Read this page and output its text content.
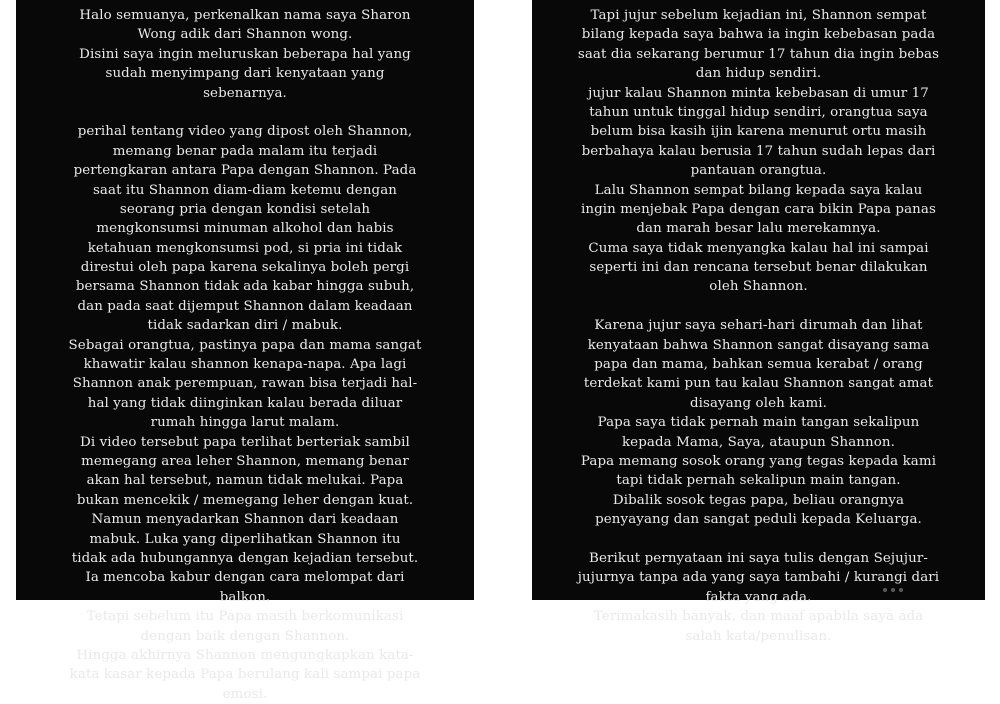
Halo semuanya, perkenalkan nama saya Sharon
Wong adik dari Shannon wong.
Disini saya ingin meluruskan beberapa hal yang
sudah menyimpang dari kenyataan yang
sebenarnya.
perihal tentang video yang dipost oleh Shannon,
memang benar pada malam itu terjadi
pertengkaran antara Papa dengan Shannon. Pada
saat itu Shannon diam-diam ketemu dengan
seorang pria dengan kondisi setelah
mengkonsumsi minuman alkohol dan habis
ketahuan mengkonsumsi pod, si pria ini tidak
direstui oleh papa karena sekalinya boleh pergi
bersama Shannon tidak ada kabar hingga subuh,
dan pada saat dijemput Shannon dalam keadaan
tidak sadarkan diri / mabuk.
Sebagai orangtua, pastinya papa dan mama sangat
khawatir kalau shannon kenapa-napa. Apa lagi
Shannon anak perempuan, rawan bisa terjadi hal-
hal yang tidak diinginkan kalau berada diluar
rumah hingga larut malam.
Di video tersebut papa terlihat berteriak sambil
memegang area leher Shannon, memang benar
akan hal tersebut, namun tidak melukai. Papa
bukan mencekik / memegang leher dengan kuat.
Namun menyadarkan Shannon dari keadaan
mabuk. Luka yang diperlihatkan Shannon itu
tidak ada hubungannya dengan kejadian tersebut.
Ia mencoba kabur dengan cara melompat dari
balkon.
Tetapi sebelum itu Papa masih berkomunikasi
dengan baik dengan Shannon.
Hingga akhirnya Shannon mengungkapkan kata-
kata kasar kepada Papa berulang kali sampai papa
emosi.
Tapi jujur sebelum kejadian ini, Shannon sempat
bilang kepada saya bahwa ia ingin kebebasan pada
saat dia sekarang berumur 17 tahun dia ingin bebas
dan hidup sendiri.
jujur kalau Shannon minta kebebasan di umur 17
tahun untuk tinggal hidup sendiri, orangtua saya
belum bisa kasih ijin karena menurut ortu masih
berbahaya kalau berusia 17 tahun sudah lepas dari
pantauan orangtua.
Lalu Shannon sempat bilang kepada saya kalau
ingin menjebak Papa dengan cara bikin Papa panas
dan marah besar lalu merekamnya.
Cuma saya tidak menyangka kalau hal ini sampai
seperti ini dan rencana tersebut benar dilakukan
oleh Shannon.
Karena jujur saya sehari-hari dirumah dan lihat
kenyataan bahwa Shannon sangat disayang sama
papa dan mama, bahkan semua kerabat / orang
terdekat kami pun tau kalau Shannon sangat amat
disayang oleh kami.
Papa saya tidak pernah main tangan sekalipun
kepada Mama, Saya, ataupun Shannon.
Papa memang sosok orang yang tegas kepada kami
tapi tidak pernah sekalipun main tangan.
Dibalik sosok tegas papa, beliau orangnya
penyayang dan sangat peduli kepada Keluarga.
Berikut pernyataan ini saya tulis dengan Sejujur-
jujurnya tanpa ada yang saya tambahi / kurangi dari
fakta yang ada.
Terimakasih banyak, dan maaf apabila saya ada
salah kata/penulisan.
